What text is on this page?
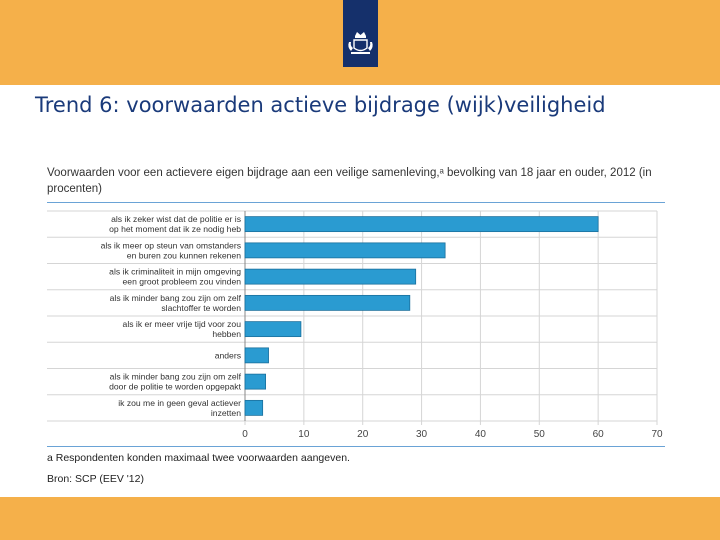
Trend 6: voorwaarden actieve bijdrage (wijk)veiligheid
Voorwaarden voor een actievere eigen bijdrage aan een veilige samenleving,ᵃ bevolking van 18 jaar en ouder, 2012 (in procenten)
0	10	20	30	40	50	60	70
als ik zeker wist dat de politie er is
op het moment dat ik ze nodig heb
als ik meer op steun van omstanders
en buren zou kunnen rekenen
als ik criminaliteit in mijn omgeving
een groot probleem zou vinden
als ik minder bang zou zijn om zelf
slachtoffer te worden
als ik er meer vrije tijd voor zou
hebben
anders
als ik minder bang zou zijn om zelf
door de politie te worden opgepakt
ik zou me in geen geval actiever
inzetten
a Respondenten konden maximaal twee voorwaarden aangeven.
Bron: SCP (EEV '12)
